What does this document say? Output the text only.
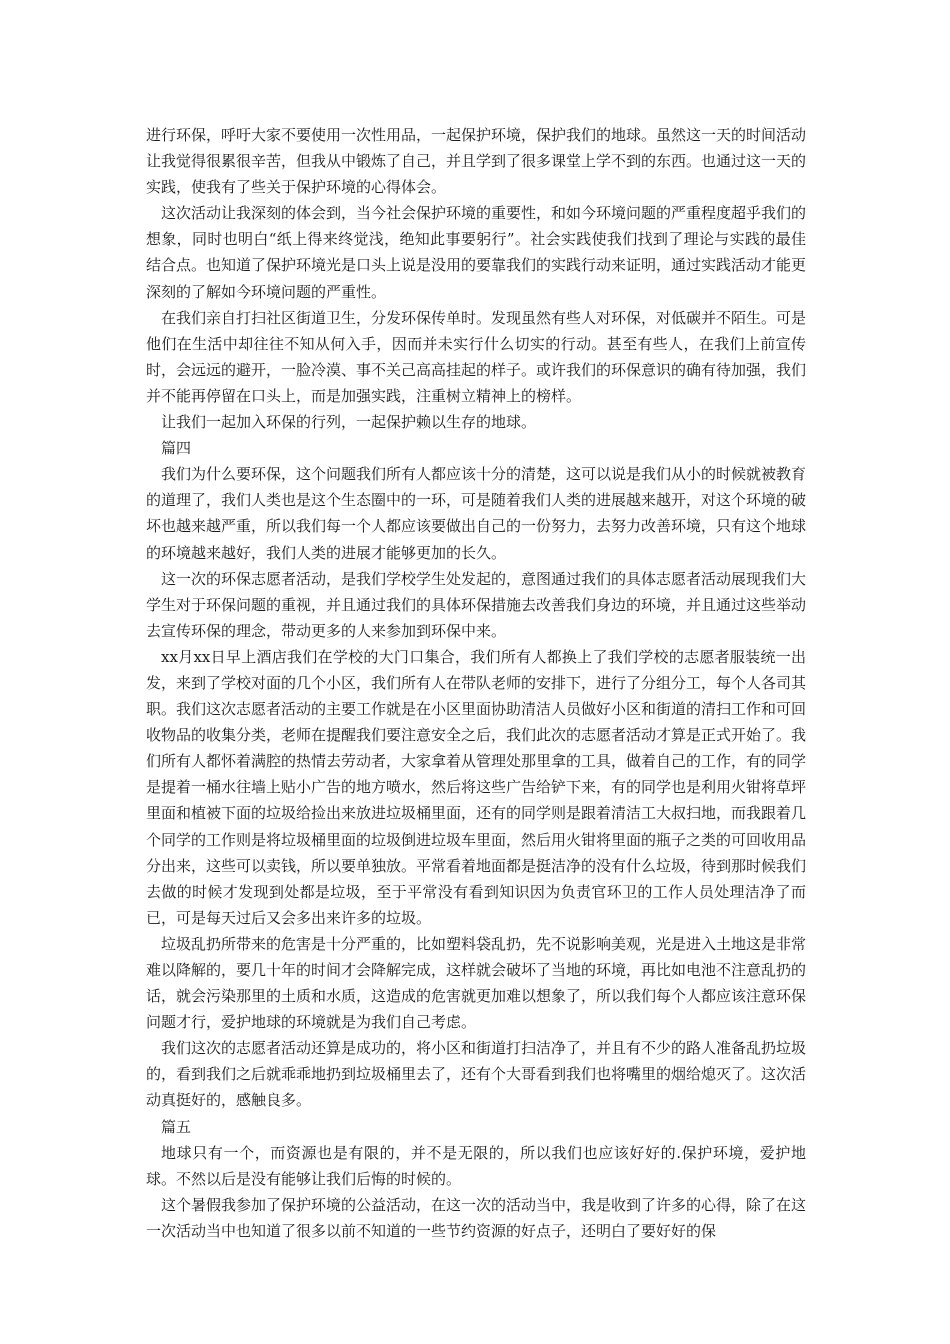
进行环保，呼吁大家不要使用一次性用品，一起保护环境，保护我们的地球。虽然这一天的时间活动让我觉得很累很辛苦，但我从中锻炼了自己，并且学到了很多课堂上学不到的东西。也通过这一天的实践，使我有了些关于保护环境的心得体会。

这次活动让我深刻的体会到，当今社会保护环境的重要性，和如今环境问题的严重程度超乎我们的想象，同时也明白“纸上得来终觉浅，绝知此事要躬行”。社会实践使我们找到了理论与实践的最佳结合点。也知道了保护环境光是口头上说是没用的要靠我们的实践行动来证明，通过实践活动才能更深刻的了解如今环境问题的严重性。

在我们亲自打扫社区街道卫生，分发环保传单时。发现虽然有些人对环保，对低碳并不陌生。可是他们在生活中却往往不知从何入手，因而并未实行什么切实的行动。甚至有些人，在我们上前宣传时，会远远的避开，一脸冷漠、事不关己高高挂起的样子。或许我们的环保意识的确有待加强，我们并不能再停留在口头上，而是加强实践，注重树立精神上的榜样。

让我们一起加入环保的行列，一起保护赖以生存的地球。

篇四

我们为什么要环保，这个问题我们所有人都应该十分的清楚，这可以说是我们从小的时候就被教育的道理了，我们人类也是这个生态圈中的一环，可是随着我们人类的进展越来越开，对这个环境的破坏也越来越严重，所以我们每一个人都应该要做出自己的一份努力，去努力改善环境，只有这个地球的环境越来越好，我们人类的进展才能够更加的长久。

这一次的环保志愿者活动，是我们学校学生处发起的，意图通过我们的具体志愿者活动展现我们大学生对于环保问题的重视，并且通过我们的具体环保措施去改善我们身边的环境，并且通过这些举动去宣传环保的理念，带动更多的人来参加到环保中来。

xx月xx日早上酒店我们在学校的大门口集合，我们所有人都换上了我们学校的志愿者服装统一出发，来到了学校对面的几个小区，我们所有人在带队老师的安排下，进行了分组分工，每个人各司其职。我们这次志愿者活动的主要工作就是在小区里面协助清洁人员做好小区和街道的清扫工作和可回收物品的收集分类，老师在提醒我们要注意安全之后，我们此次的志愿者活动才算是正式开始了。我们所有人都怀着满腔的热情去劳动者，大家拿着从管理处那里拿的工具，做着自己的工作，有的同学是提着一桶水往墙上贴小广告的地方喷水，然后将这些广告给铲下来，有的同学也是利用火钳将草坪里面和植被下面的垃圾给捡出来放进垃圾桶里面，还有的同学则是跟着清洁工大叔扫地，而我跟着几个同学的工作则是将垃圾桶里面的垃圾倒进垃圾车里面，然后用火钳将里面的瓶子之类的可回收用品分出来，这些可以卖钱，所以要单独放。平常看着地面都是挺洁净的没有什么垃圾，待到那时候我们去做的时候才发现到处都是垃圾，至于平常没有看到知识因为负责官环卫的工作人员处理洁净了而已，可是每天过后又会多出来许多的垃圾。

垃圾乱扔所带来的危害是十分严重的，比如塑料袋乱扔，先不说影响美观，光是进入土地这是非常难以降解的，要几十年的时间才会降解完成，这样就会破坏了当地的环境，再比如电池不注意乱扔的话，就会污染那里的土质和水质，这造成的危害就更加难以想象了，所以我们每个人都应该注意环保问题才行，爱护地球的环境就是为我们自己考虑。

我们这次的志愿者活动还算是成功的，将小区和街道打扫洁净了，并且有不少的路人准备乱扔垃圾的，看到我们之后就乖乖地扔到垃圾桶里去了，还有个大哥看到我们也将嘴里的烟给熄灭了。这次活动真挺好的，感触良多。

篇五

地球只有一个，而资源也是有限的，并不是无限的，所以我们也应该好好的.保护环境，爱护地球。不然以后是没有能够让我们后悔的时候的。

这个暑假我参加了保护环境的公益活动，在这一次的活动当中，我是收到了许多的心得，除了在这一次活动当中也知道了很多以前不知道的一些节约资源的好点子，还明白了要好好的保
